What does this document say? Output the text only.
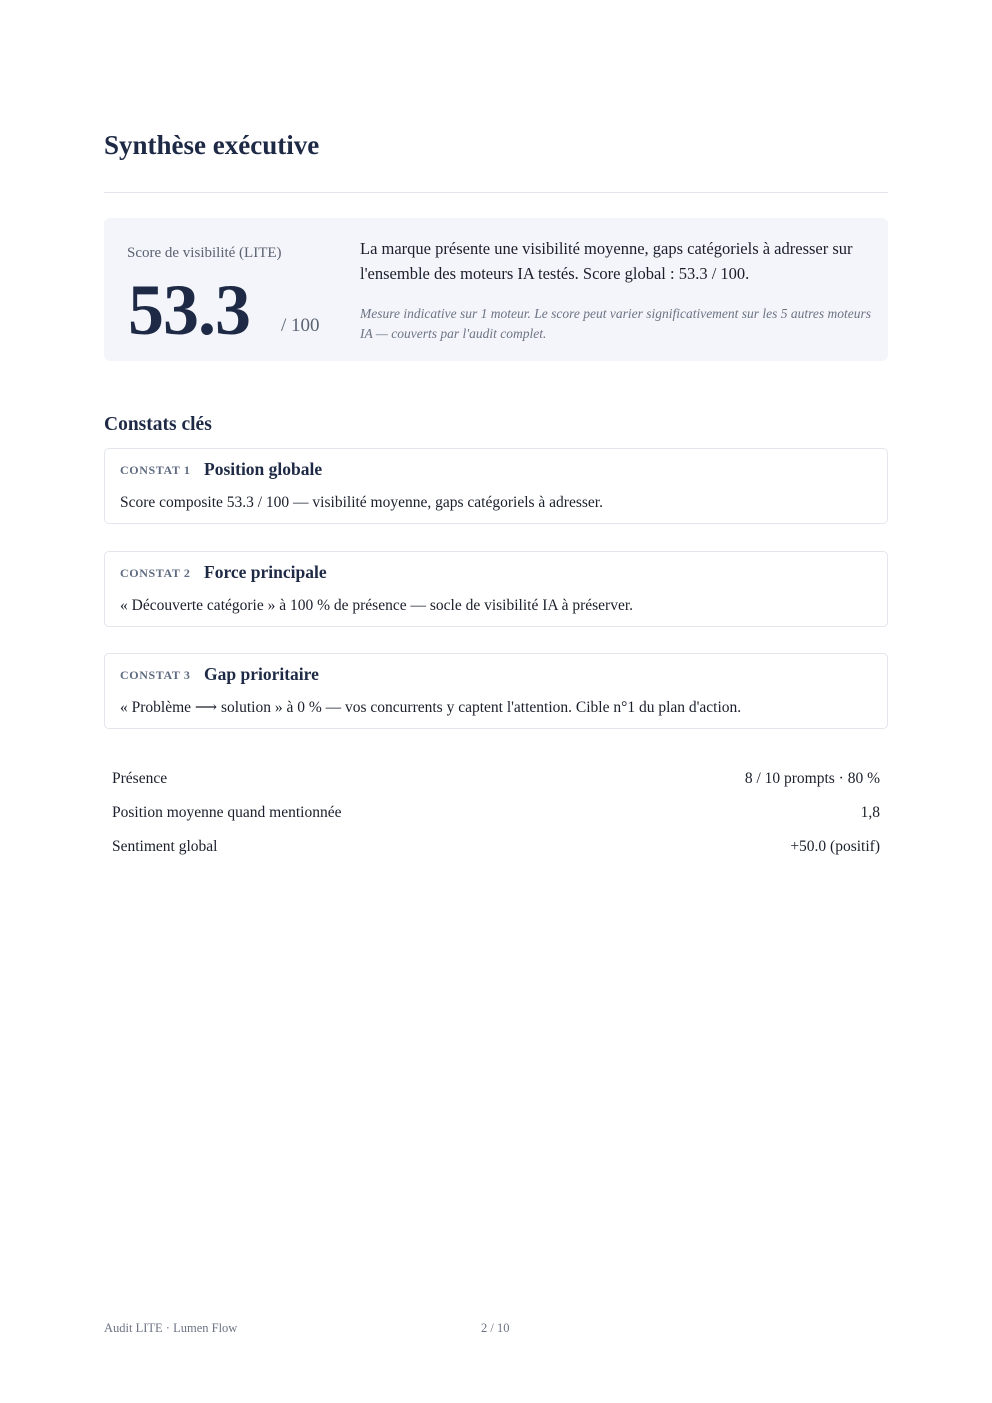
Synthèse exécutive
Score de visibilité (LITE)
53.3 / 100
La marque présente une visibilité moyenne, gaps catégoriels à adresser sur l'ensemble des moteurs IA testés. Score global : 53.3 / 100.
Mesure indicative sur 1 moteur. Le score peut varier significativement sur les 5 autres moteurs IA — couverts par l'audit complet.
Constats clés
CONSTAT 1 Position globale
Score composite 53.3 / 100 — visibilité moyenne, gaps catégoriels à adresser.
CONSTAT 2 Force principale
« Découverte catégorie » à 100 % de présence — socle de visibilité IA à préserver.
CONSTAT 3 Gap prioritaire
« Problème ⟶ solution » à 0 % — vos concurrents y captent l'attention. Cible n°1 du plan d'action.
Présence	8 / 10 prompts · 80 %
Position moyenne quand mentionnée	1,8
Sentiment global	+50.0 (positif)
Audit LITE · Lumen Flow	2 / 10
